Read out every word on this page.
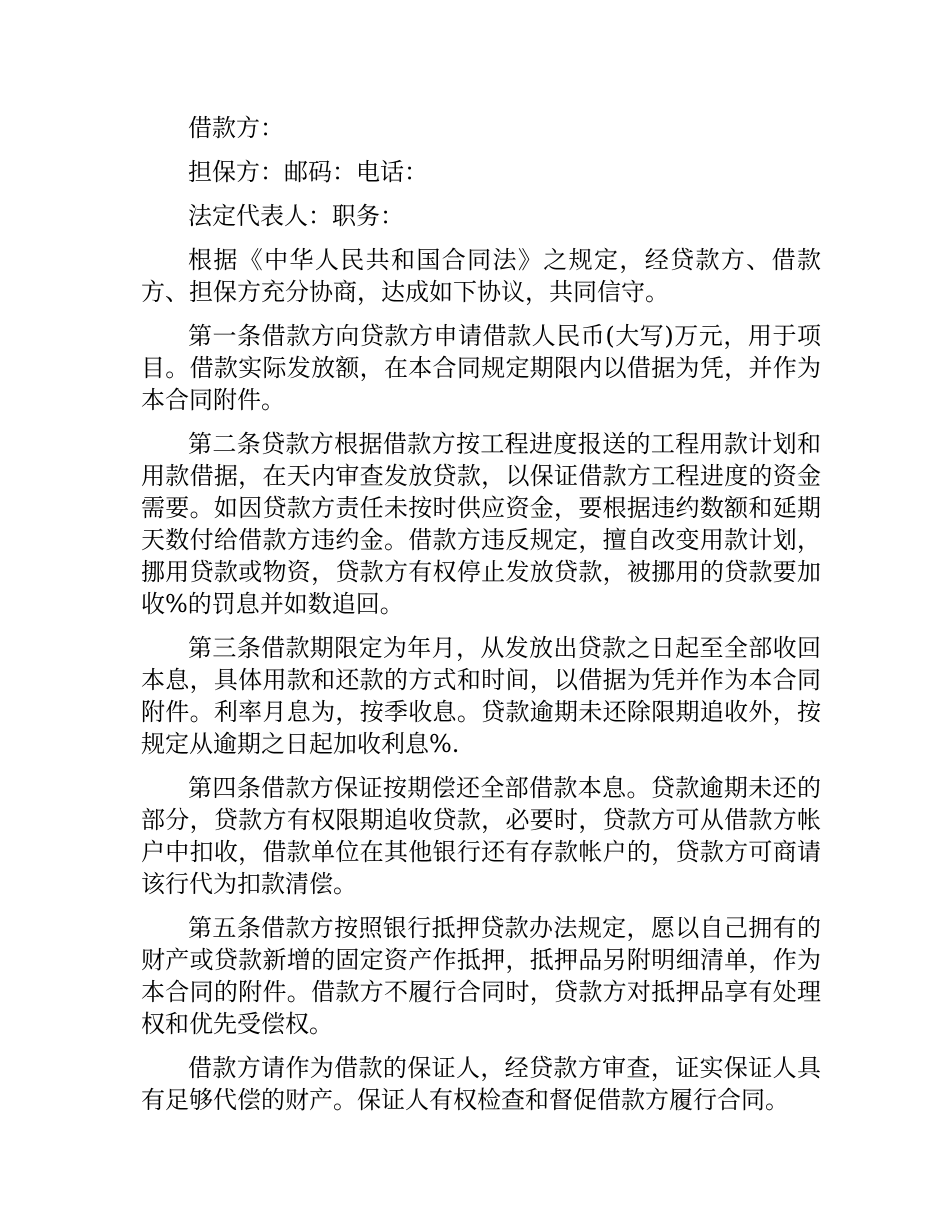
借款方：

担保方：邮码：电话：

法定代表人：职务：

根据《中华人民共和国合同法》之规定，经贷款方、借款方、担保方充分协商，达成如下协议，共同信守。

第一条借款方向贷款方申请借款人民币(大写)万元，用于项目。借款实际发放额，在本合同规定期限内以借据为凭，并作为本合同附件。

第二条贷款方根据借款方按工程进度报送的工程用款计划和用款借据，在天内审查发放贷款，以保证借款方工程进度的资金需要。如因贷款方责任未按时供应资金，要根据违约数额和延期天数付给借款方违约金。借款方违反规定，擅自改变用款计划，挪用贷款或物资，贷款方有权停止发放贷款，被挪用的贷款要加收%的罚息并如数追回。

第三条借款期限定为年月，从发放出贷款之日起至全部收回本息，具体用款和还款的方式和时间，以借据为凭并作为本合同附件。利率月息为，按季收息。贷款逾期未还除限期追收外，按规定从逾期之日起加收利息%.

第四条借款方保证按期偿还全部借款本息。贷款逾期未还的部分，贷款方有权限期追收贷款，必要时，贷款方可从借款方帐户中扣收，借款单位在其他银行还有存款帐户的，贷款方可商请该行代为扣款清偿。

第五条借款方按照银行抵押贷款办法规定，愿以自己拥有的财产或贷款新增的固定资产作抵押，抵押品另附明细清单，作为本合同的附件。借款方不履行合同时，贷款方对抵押品享有处理权和优先受偿权。

借款方请作为借款的保证人，经贷款方审查，证实保证人具有足够代偿的财产。保证人有权检查和督促借款方履行合同。
